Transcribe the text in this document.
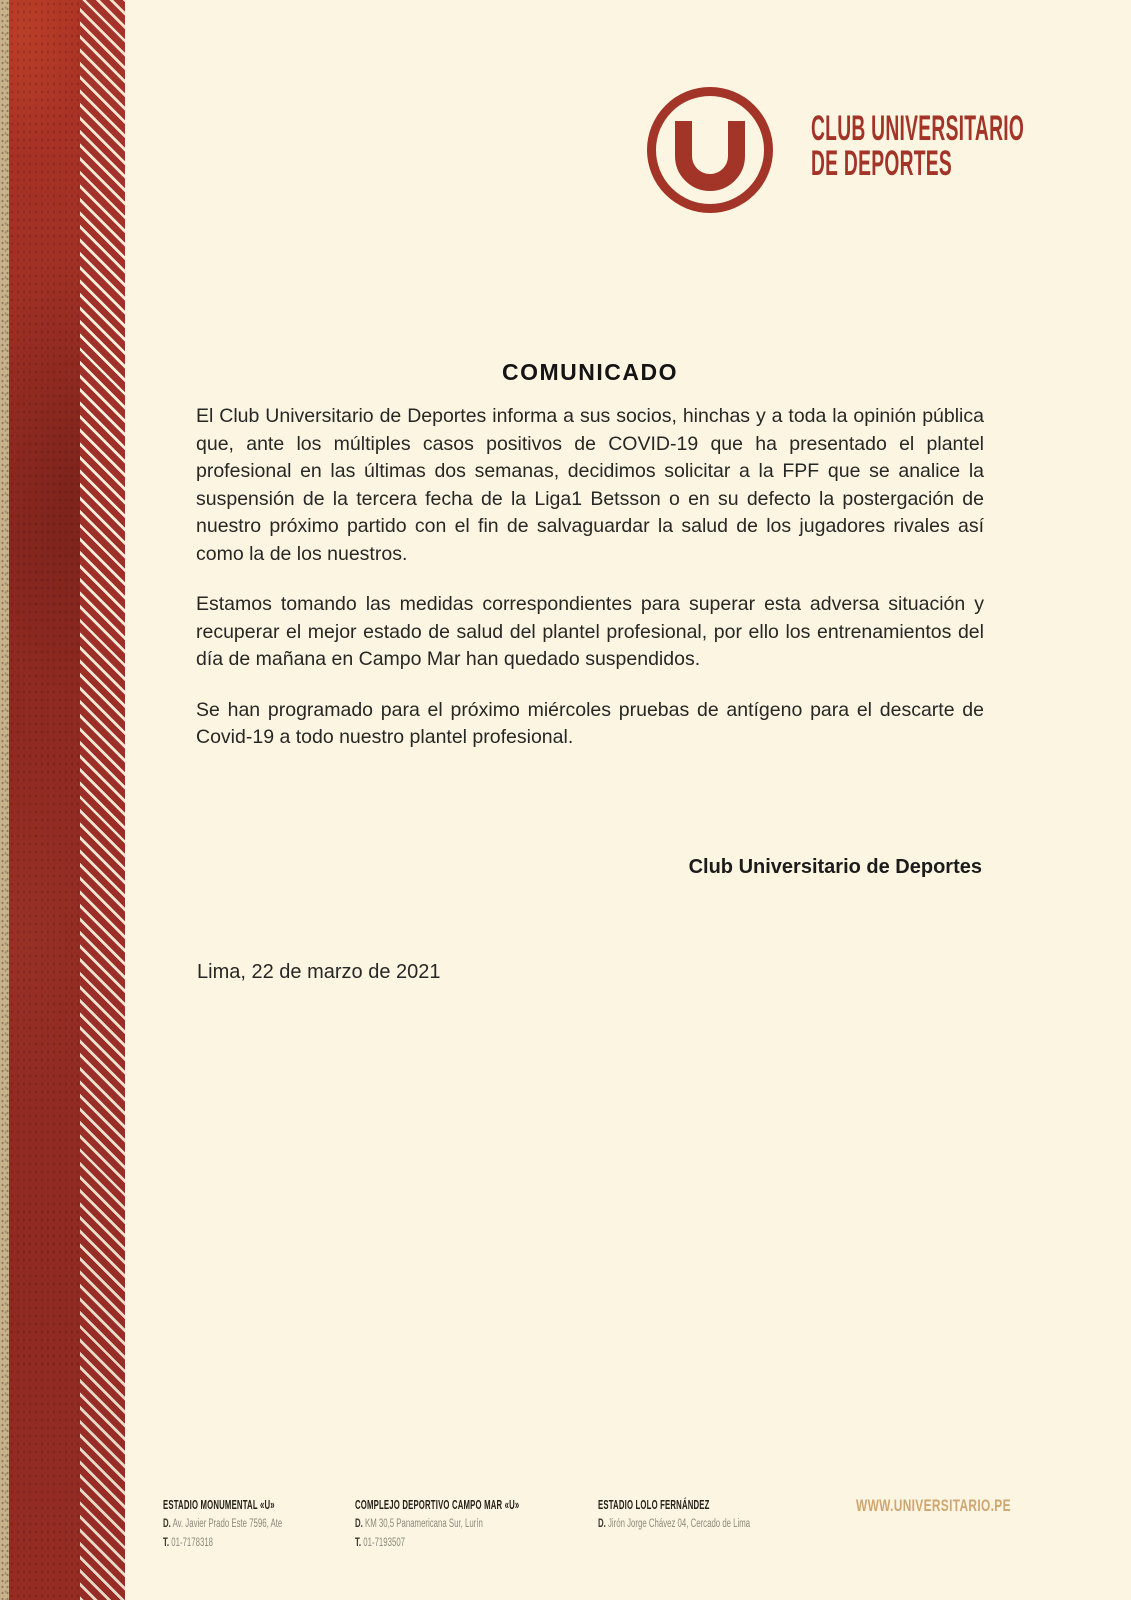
CLUB UNIVERSITARIO
DE DEPORTES
COMUNICADO

El Club Universitario de Deportes informa a sus socios, hinchas y a toda la opinión pública que, ante los múltiples casos positivos de COVID-19 que ha presentado el plantel profesional en las últimas dos semanas, decidimos solicitar a la FPF que se analice la suspensión de la tercera fecha de la Liga1 Betsson o en su defecto la postergación de nuestro próximo partido con el fin de salvaguardar la salud de los jugadores rivales así como la de los nuestros.

Estamos tomando las medidas correspondientes para superar esta adversa situación y recuperar el mejor estado de salud del plantel profesional, por ello los entrenamientos del día de mañana en Campo Mar han quedado suspendidos.

Se han programado para el próximo miércoles pruebas de antígeno para el descarte de Covid-19 a todo nuestro plantel profesional.

Club Universitario de Deportes
Lima, 22 de marzo de 2021
ESTADIO MONUMENTAL «U»
D. Av. Javier Prado Este 7596, Ate
T. 01-7178318
COMPLEJO DEPORTIVO CAMPO MAR «U»
D. KM 30,5 Panamericana Sur, Lurín
T. 01-7193507
ESTADIO LOLO FERNÁNDEZ
D. Jirón Jorge Chávez 04, Cercado de Lima
WWW.UNIVERSITARIO.PE
